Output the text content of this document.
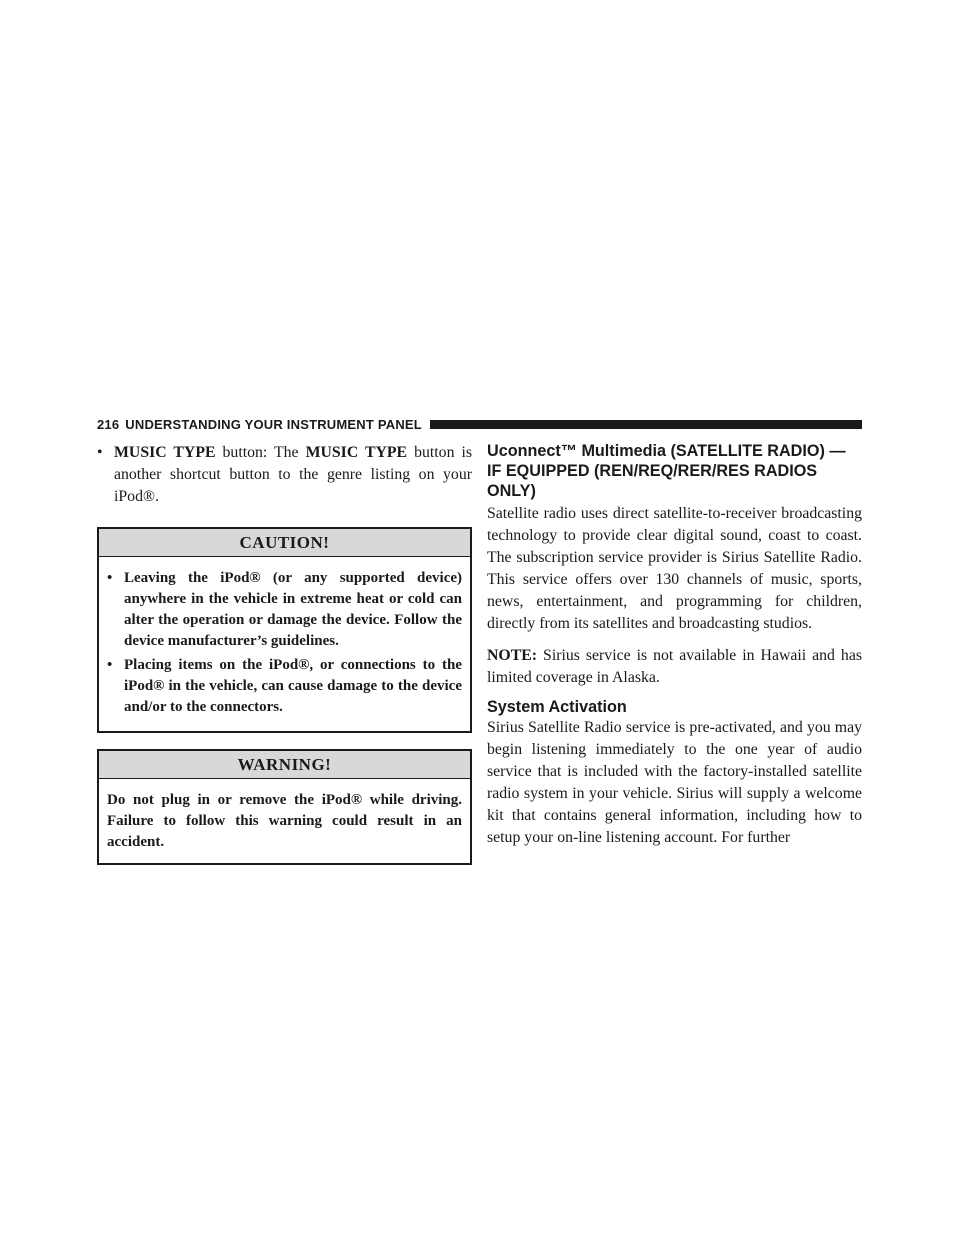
216 UNDERSTANDING YOUR INSTRUMENT PANEL
• MUSIC TYPE button: The MUSIC TYPE button is another shortcut button to the genre listing on your iPod®.
CAUTION!
• Leaving the iPod® (or any supported device) anywhere in the vehicle in extreme heat or cold can alter the operation or damage the device. Follow the device manufacturer’s guidelines.
• Placing items on the iPod®, or connections to the iPod® in the vehicle, can cause damage to the device and/or to the connectors.
WARNING!
Do not plug in or remove the iPod® while driving. Failure to follow this warning could result in an accident.
Uconnect™ Multimedia (SATELLITE RADIO) — IF EQUIPPED (REN/REQ/RER/RES RADIOS ONLY)

Satellite radio uses direct satellite-to-receiver broadcasting technology to provide clear digital sound, coast to coast. The subscription service provider is Sirius Satellite Radio. This service offers over 130 channels of music, sports, news, entertainment, and programming for children, directly from its satellites and broadcasting studios.

NOTE: Sirius service is not available in Hawaii and has limited coverage in Alaska.

System Activation

Sirius Satellite Radio service is pre-activated, and you may begin listening immediately to the one year of audio service that is included with the factory-installed satellite radio system in your vehicle. Sirius will supply a welcome kit that contains general information, including how to setup your on-line listening account. For further
